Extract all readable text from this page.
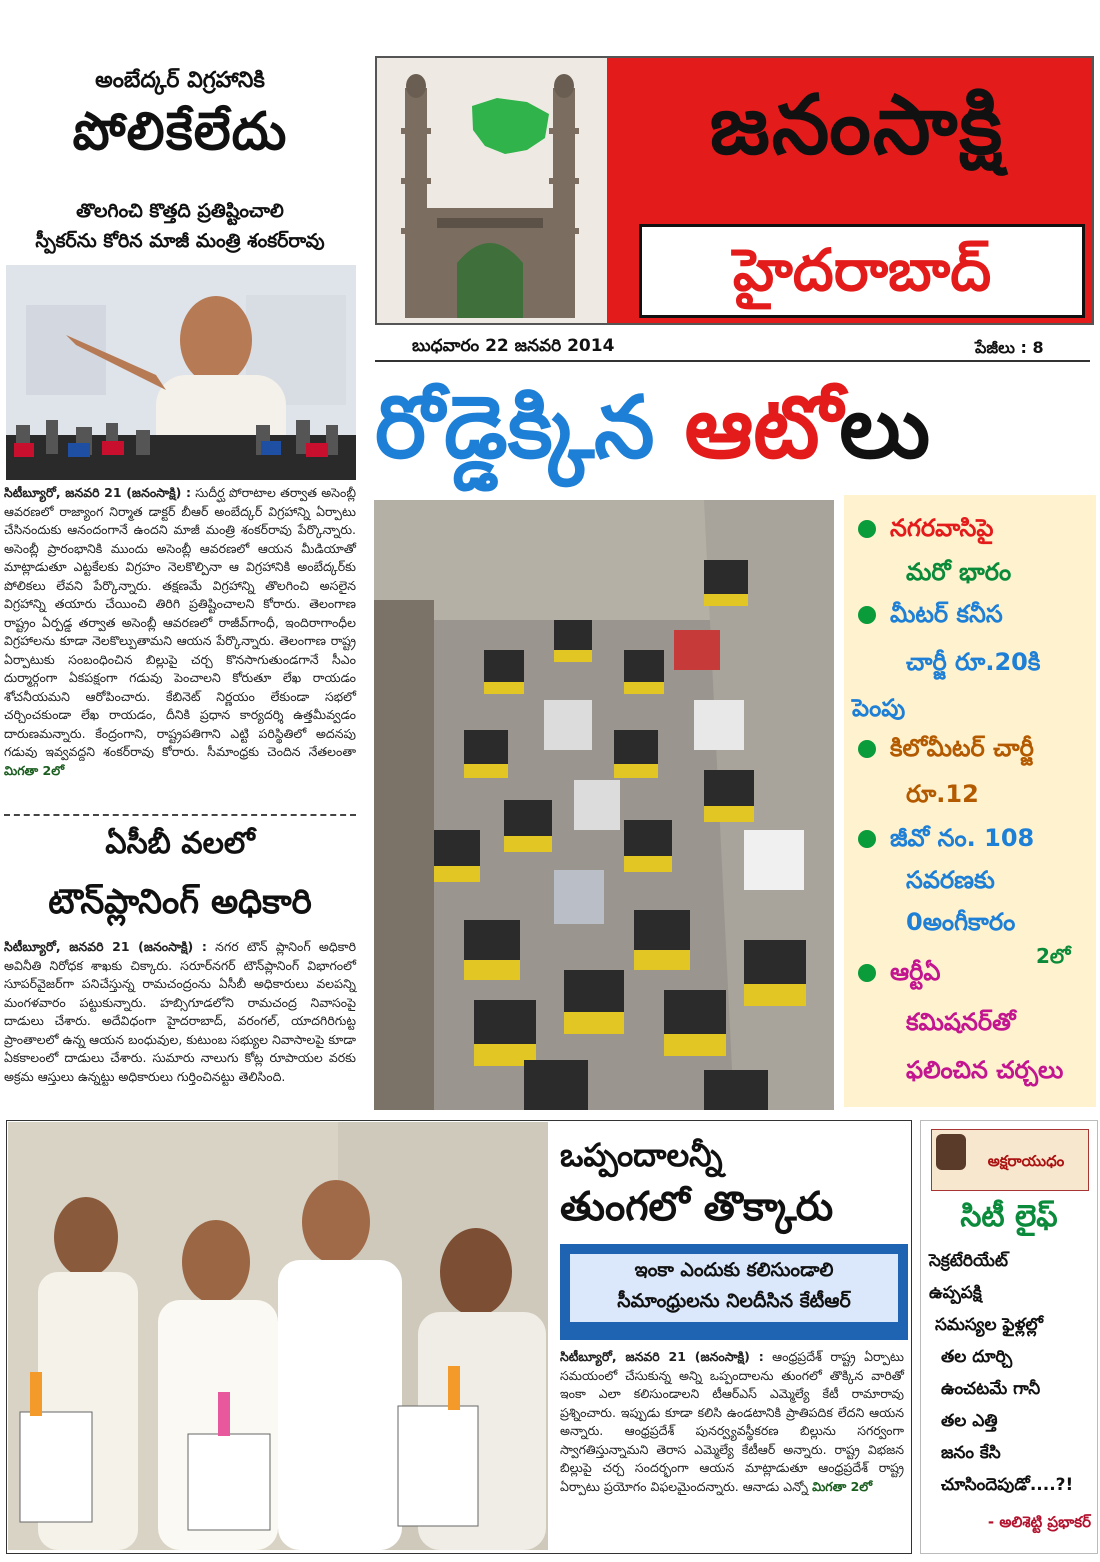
అంబేద్కర్ విగ్రహానికి
పోలికేలేదు
తొలగించి కొత్తది ప్రతిష్టించాలి
స్పీకర్‌ను కోరిన మాజీ మంత్రి శంకర్‌రావు
సిటీబ్యూరో, జనవరి 21 (జనంసాక్షి) : సుదీర్ఘ పోరాటాల తర్వాత అసెంబ్లీ ఆవరణలో రాజ్యాంగ నిర్మాత డాక్టర్ బీఆర్ అంబేద్కర్ విగ్రహాన్ని ఏర్పాటు చేసినందుకు ఆనందంగానే ఉందని మాజీ మంత్రి శంకర్‌రావు పేర్కొన్నారు. అసెంబ్లీ ప్రారంభానికి ముందు అసెంబ్లీ ఆవరణలో ఆయన మీడియాతో మాట్లాడుతూ ఎట్టకేలకు విగ్రహం నెలకొల్పినా ఆ విగ్రహానికి అంబేద్కర్‌కు పోలికలు లేవని పేర్కొన్నారు. తక్షణమే విగ్రహాన్ని తొలగించి అసలైన విగ్రహాన్ని తయారు చేయించి తిరిగి ప్రతిష్టించాలని కోరారు. తెలంగాణ రాష్ట్రం ఏర్పడ్డ తర్వాత అసెంబ్లీ ఆవరణలో రాజీవ్‌గాంధీ, ఇందిరాగాంధీల విగ్రహాలను కూడా నెలకొల్పుతామని ఆయన పేర్కొన్నారు. తెలంగాణ రాష్ట్ర ఏర్పాటుకు సంబంధించిన బిల్లుపై చర్చ కొనసాగుతుండగానే సీఎం దుర్మార్గంగా ఏకపక్షంగా గడువు పెంచాలని కోరుతూ లేఖ రాయడం శోచనీయమని ఆరోపించారు. కేబినెట్ నిర్ణయం లేకుండా సభలో చర్చించకుండా లేఖ రాయడం, దీనికి ప్రధాన కార్యదర్శి ఉత్తమీవ్వడం దారుణమన్నారు. కేంద్రంగాని, రాష్ట్రపతిగాని ఎట్టి పరిస్థితిలో అదనపు గడువు ఇవ్వవద్దని శంకర్‌రావు కోరారు. సీమాంధ్రకు చెందిన నేతలంతా మిగతా 2లో
ఏసీబీ వలలో
టౌన్‌ప్లానింగ్ అధికారి
సిటీబ్యూరో, జనవరి 21 (జనంసాక్షి) : నగర టౌన్ ప్లానింగ్ అధికారి అవినీతి నిరోధక శాఖకు చిక్కారు. సరూర్‌నగర్ టౌన్‌ప్లానింగ్ విభాగంలో సూపర్‌వైజర్‌గా పనిచేస్తున్న రామచంద్రంను ఏసీబీ అధికారులు వలపన్ని మంగళవారం పట్టుకున్నారు. హబ్సిగూడలోని రామచంద్ర నివాసంపై దాడులు చేశారు. అదేవిధంగా హైదరాబాద్, వరంగల్, యాదగిరిగుట్ట ప్రాంతాలలో ఉన్న ఆయన బంధువుల, కుటుంబ సభ్యుల నివాసాలపై కూడా ఏకకాలంలో దాడులు చేశారు. సుమారు నాలుగు కోట్ల రూపాయల వరకు అక్రమ ఆస్తులు ఉన్నట్టు అధికారులు గుర్తించినట్టు తెలిసింది.
జనంసాక్షి
హైదరాబాద్
బుధవారం 22 జనవరి 2014	పేజీలు : 8
రోడ్డెక్కిన ఆటోలు
నగరవాసిపై
మరో భారం
మీటర్ కనీస
చార్జీ రూ.20కి
పెంపు
కిలోమీటర్ చార్జీ
రూ.12
జీవో నం. 108
సవరణకు
0అంగీకారం
2లో
ఆర్టీఏ
కమిషనర్‌తో
ఫలించిన చర్చలు
ఒప్పందాలన్నీ
తుంగలో తొక్కారు
ఇంకా ఎందుకు కలిసుండాలి
సీమాంధ్రులను నిలదీసిన కేటీఆర్
సిటీబ్యూరో, జనవరి 21 (జనంసాక్షి) : ఆంధ్రప్రదేశ్ రాష్ట్ర ఏర్పాటు సమయంలో చేసుకున్న అన్ని ఒప్పందాలను తుంగలో తొక్కిన వారితో ఇంకా ఎలా కలిసుండాలని టీఆర్ఎస్ ఎమ్మెల్యే కేటీ రామారావు ప్రశ్నించారు. ఇప్పుడు కూడా కలిసి ఉండటానికి ప్రాతిపదిక లేదని ఆయన అన్నారు. ఆంధ్రప్రదేశ్ పునర్వ్యవస్థీకరణ బిల్లును సగర్వంగా స్వాగతిస్తున్నామని తెరాస ఎమ్మెల్యే కేటీఆర్ అన్నారు. రాష్ట్ర విభజన బిల్లుపై చర్చ సందర్భంగా ఆయన మాట్లాడుతూ ఆంధ్రప్రదేశ్ రాష్ట్ర ఏర్పాటు ప్రయోగం విఫలమైందన్నారు. ఆనాడు ఎన్నో మిగతా 2లో
అక్షరాయుధం
సిటీ లైఫ్
సెక్రటేరియేట్
ఉప్పపక్షి
సమస్యల ఫైళ్లల్లో
తల దూర్చి
ఉంచటమే గానీ
తల ఎత్తి
జనం కేసి
చూసిందెపుడో....?!
- అలిశెట్టి ప్రభాకర్
